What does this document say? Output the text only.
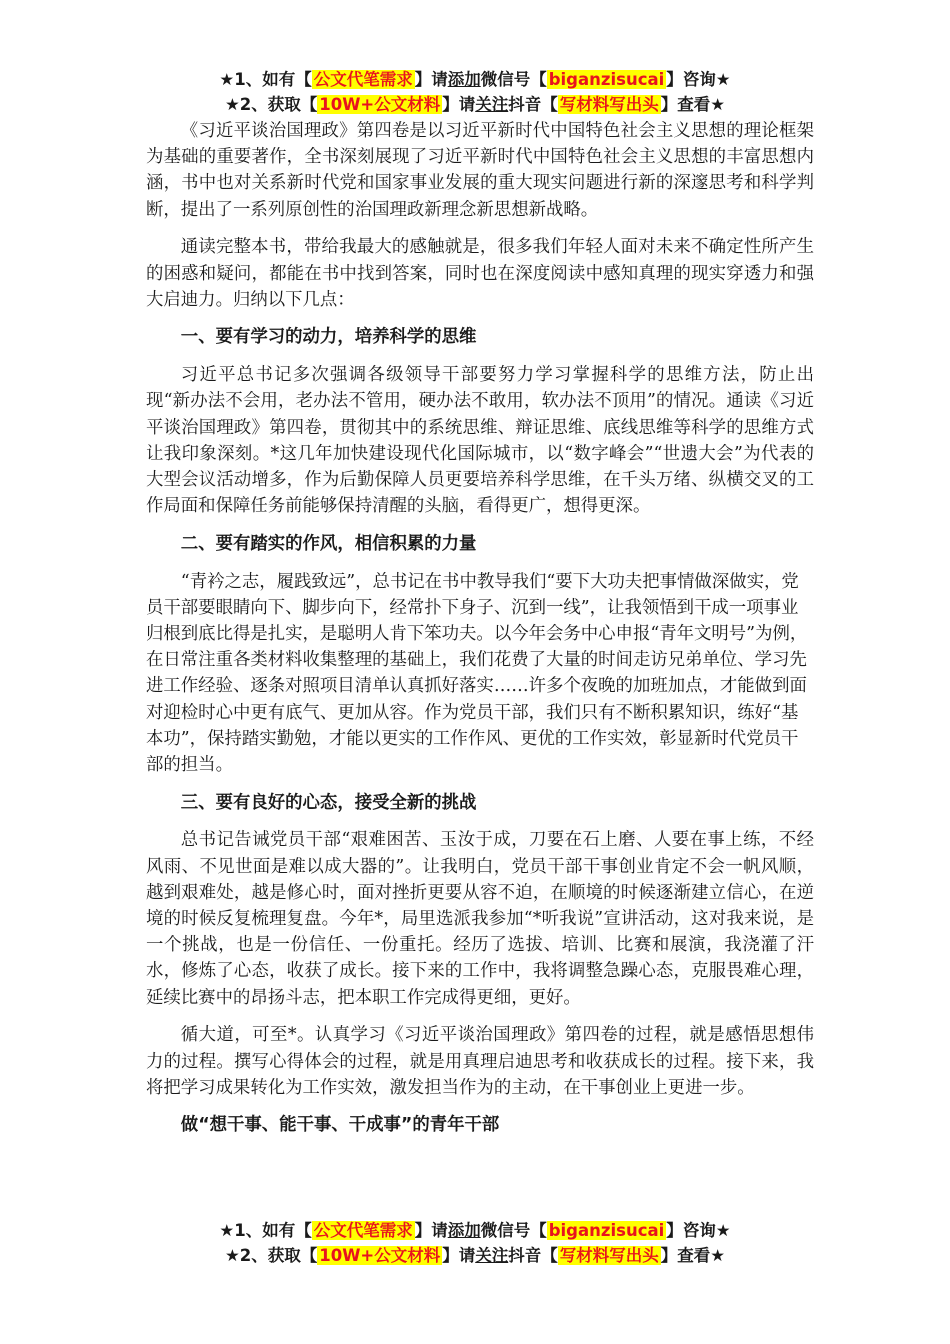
★1、如有【 公文代笔需求 】请添加微信号【 biganzisucai 】咨询★
★2、获取【 10W+公文材料 】请关注抖音【 写材料写出头 】查看★

《习近平谈治国理政》第四卷是以习近平新时代中国特色社会主义思想的理论框架为基础的重要著作，全书深刻展现了习近平新时代中国特色社会主义思想的丰富思想内涵，书中也对关系新时代党和国家事业发展的重大现实问题进行新的深邃思考和科学判断，提出了一系列原创性的治国理政新理念新思想新战略。

通读完整本书，带给我最大的感触就是，很多我们年轻人面对未来不确定性所产生的困惑和疑问，都能在书中找到答案，同时也在深度阅读中感知真理的现实穿透力和强大启迪力。归纳以下几点：

一、要有学习的动力，培养科学的思维

习近平总书记多次强调各级领导干部要努力学习掌握科学的思维方法，防止出现“新办法不会用，老办法不管用，硬办法不敢用，软办法不顶用”的情况。通读《习近平谈治国理政》第四卷，贯彻其中的系统思维、辩证思维、底线思维等科学的思维方式让我印象深刻。*这几年加快建设现代化国际城市，以“数字峰会”“世遗大会”为代表的大型会议活动增多，作为后勤保障人员更要培养科学思维，在千头万绪、纵横交叉的工作局面和保障任务前能够保持清醒的头脑，看得更广，想得更深。

二、要有踏实的作风，相信积累的力量

“青衿之志，履践致远”，总书记在书中教导我们“要下大功夫把事情做深做实，党员干部要眼睛向下、脚步向下，经常扑下身子、沉到一线”，让我领悟到干成一项事业归根到底比得是扎实，是聪明人肯下笨功夫。以今年会务中心申报“青年文明号”为例，在日常注重各类材料收集整理的基础上，我们花费了大量的时间走访兄弟单位、学习先进工作经验、逐条对照项目清单认真抓好落实……许多个夜晚的加班加点，才能做到面对迎检时心中更有底气、更加从容。作为党员干部，我们只有不断积累知识，练好“基本功”，保持踏实勤勉，才能以更实的工作作风、更优的工作实效，彰显新时代党员干部的担当。

三、要有良好的心态，接受全新的挑战

总书记告诫党员干部“艰难困苦、玉汝于成，刀要在石上磨、人要在事上练，不经风雨、不见世面是难以成大器的”。让我明白，党员干部干事创业肯定不会一帆风顺，越到艰难处，越是修心时，面对挫折更要从容不迫，在顺境的时候逐渐建立信心，在逆境的时候反复梳理复盘。今年*，局里选派我参加“*听我说”宣讲活动，这对我来说，是一个挑战，也是一份信任、一份重托。经历了选拔、培训、比赛和展演，我浇灌了汗水，修炼了心态，收获了成长。接下来的工作中，我将调整急躁心态，克服畏难心理，延续比赛中的昂扬斗志，把本职工作完成得更细，更好。

循大道，可至*。认真学习《习近平谈治国理政》第四卷的过程，就是感悟思想伟力的过程。撰写心得体会的过程，就是用真理启迪思考和收获成长的过程。接下来，我将把学习成果转化为工作实效，激发担当作为的主动，在干事创业上更进一步。

做“想干事、能干事、干成事”的青年干部
★1、如有【 公文代笔需求 】请添加微信号【 biganzisucai 】咨询★
★2、获取【 10W+公文材料 】请关注抖音【 写材料写出头 】查看★
